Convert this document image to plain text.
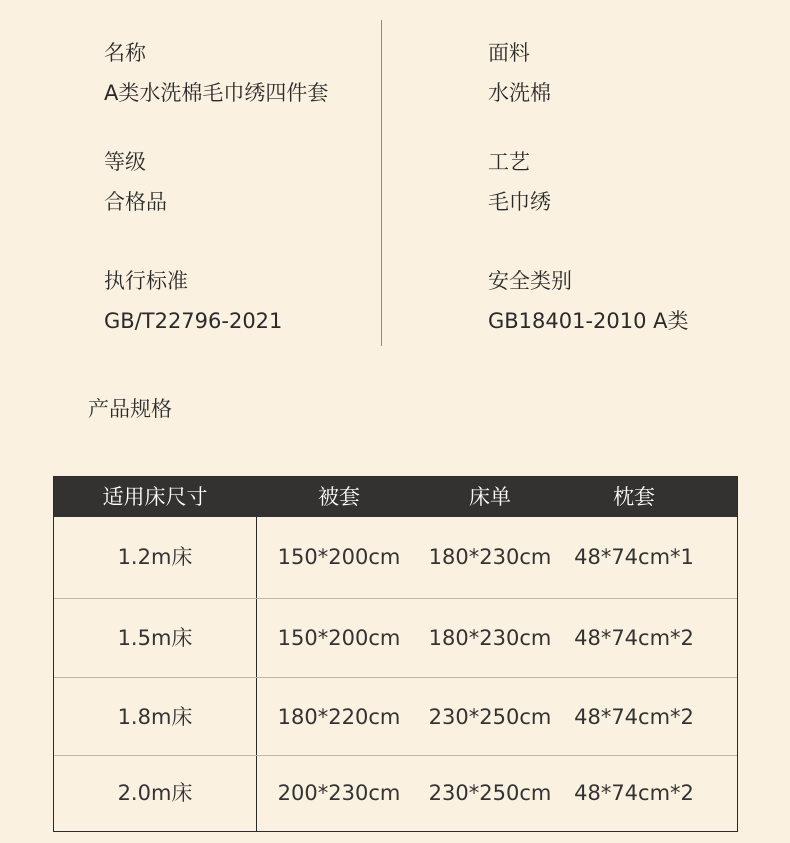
名称
A类水洗棉毛巾绣四件套
面料
水洗棉
等级
合格品
工艺
毛巾绣
执行标准
GB/T22796-2021
安全类别
GB18401-2010 A类
产品规格
适用床尺寸	被套	床单	枕套
1.2m床	150*200cm	180*230cm	48*74cm*1
1.5m床	150*200cm	180*230cm	48*74cm*2
1.8m床	180*220cm	230*250cm	48*74cm*2
2.0m床	200*230cm	230*250cm	48*74cm*2
